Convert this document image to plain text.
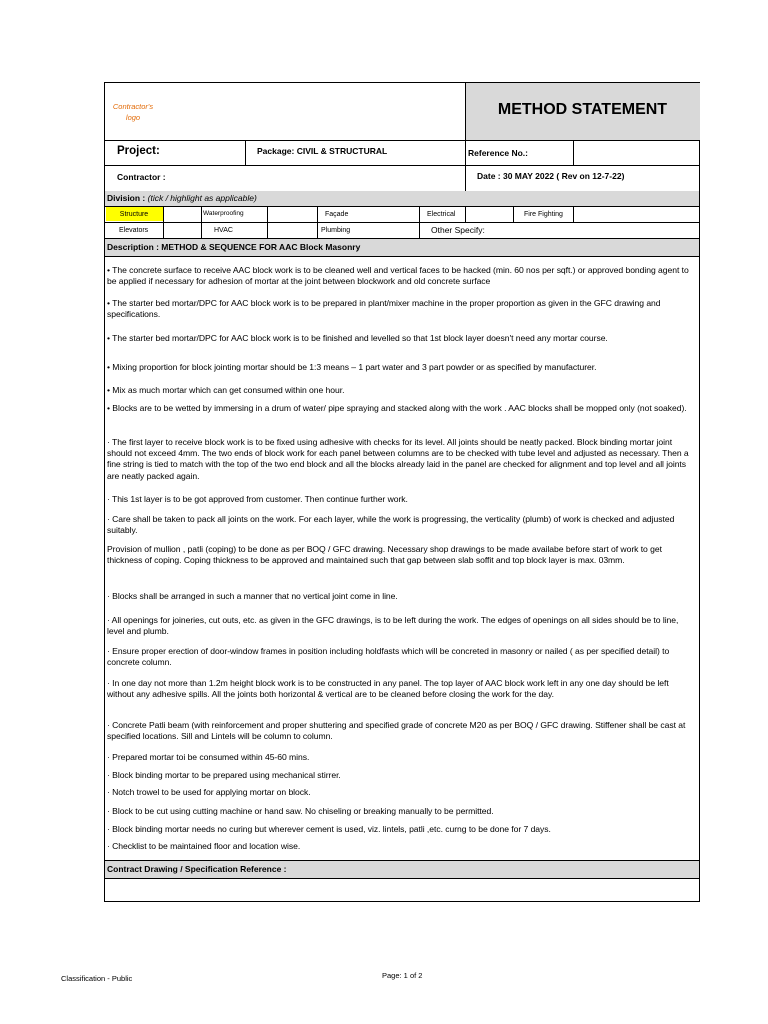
Contractor's
logo	METHOD STATEMENT
Project:	Package: CIVIL & STRUCTURAL	Reference No.:
Contractor :	Date : 30 MAY 2022 ( Rev on 12-7-22)
Division : (tick / highlight as applicable)
Structure	Waterproofing	Façade	Electrical	Fire Fighting
Elevators	HVAC	Plumbing	Other Specify:
Description : METHOD & SEQUENCE FOR AAC Block Masonry

• The concrete surface to receive AAC block work is to be cleaned well and vertical faces to be hacked (min. 60 nos per sqft.) or approved bonding agent to be applied if necessary for adhesion of mortar at the joint between blockwork and old concrete surface

• The starter bed mortar/DPC for AAC block work is to be prepared in plant/mixer machine in the proper proportion as given in the GFC drawing and specifications.

• The starter bed mortar/DPC for AAC block work is to be finished and levelled so that 1st block layer doesn't need any mortar course.

• Mixing proportion for block jointing mortar should be 1:3 means – 1 part water and 3 part powder or as specified by manufacturer.

• Mix as much mortar which can get consumed within one hour.

• Blocks are to be wetted by immersing in a drum of water/ pipe spraying and stacked along with the work . AAC blocks shall be mopped only (not soaked).

· The first layer to receive block work is to be fixed using adhesive with checks for its level. All joints should be neatly packed. Block binding mortar joint should not exceed 4mm. The two ends of block work for each panel between columns are to be checked with tube level and adjusted as necessary. Then a fine string is tied to match with the top of the two end block and all the blocks already laid in the panel are checked for alignment and top level and all joints are neatly packed again.

· This 1st layer is to be got approved from customer. Then continue further work.

· Care shall be taken to pack all joints on the work. For each layer, while the work is progressing, the verticality (plumb) of work is checked and adjusted suitably.

Provision of mullion , patli (coping) to be done as per BOQ / GFC drawing. Necessary shop drawings to be made availabe before start of work to get thickness of coping. Coping thickness to be approved and maintained such that gap between slab soffit and top block layer is max. 03mm.

· Blocks shall be arranged in such a manner that no vertical joint come in line.

· All openings for joineries, cut outs, etc. as given in the GFC drawings, is to be left during the work. The edges of openings on all sides should be to line, level and plumb.

· Ensure proper erection of door-window frames in position including holdfasts which will be concreted in masonry or nailed ( as per specified detail) to concrete column.

· In one day not more than 1.2m height block work is to be constructed in any panel. The top layer of AAC block work left in any one day should be left without any adhesive spills. All the joints both horizontal & vertical are to be cleaned before closing the work for the day.

· Concrete Patli beam (with reinforcement and proper shuttering and specified grade of concrete M20 as per BOQ / GFC drawing. Stiffener shall be cast at specified locations. Sill and Lintels will be column to column.

· Prepared mortar toi be consumed within 45-60 mins.

· Block binding mortar to be prepared using mechanical stirrer.

· Notch trowel to be used for applying mortar on block.

· Block to be cut using cutting machine or hand saw. No chiseling or breaking manually to be permitted.

· Block binding mortar needs no curing but wherever cement is used, viz. lintels, patli ,etc. curng to be done for 7 days.

· Checklist to be maintained floor and location wise.

Contract Drawing / Specification Reference :
Classification - Public	Page: 1 of 2
